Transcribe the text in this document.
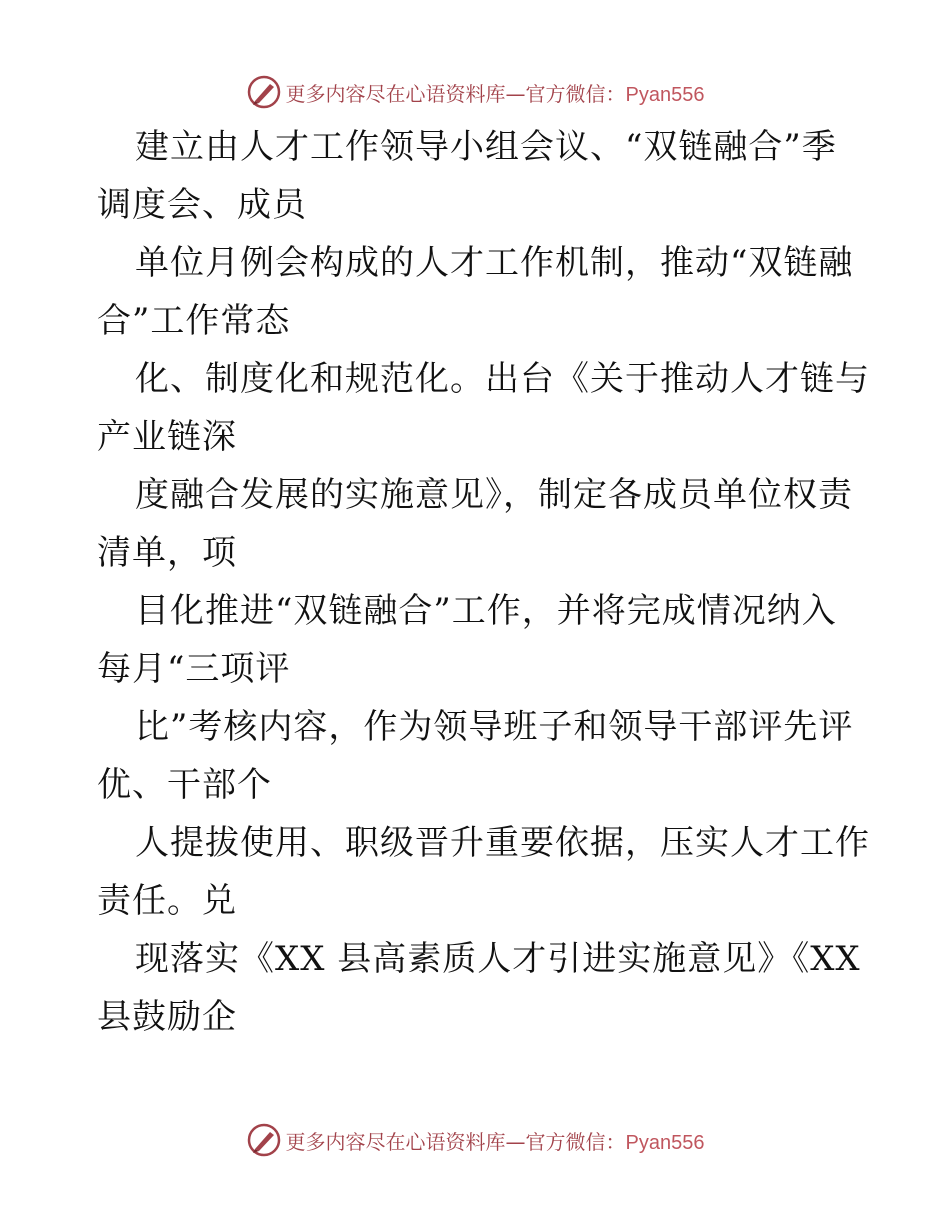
更多内容尽在心语资料库—官方微信：Pyan556
建立由人才工作领导小组会议、“双链融合”季
调度会、成员
单位月例会构成的人才工作机制，推动“双链融
合”工作常态
化、制度化和规范化。出台《关于推动人才链与
产业链深
度融合发展的实施意见》，制定各成员单位权责
清单，项
目化推进“双链融合”工作，并将完成情况纳入
每月“三项评
比”考核内容，作为领导班子和领导干部评先评
优、干部个
人提拔使用、职级晋升重要依据，压实人才工作
责任。兑
现落实《XX 县高素质人才引进实施意见》《XX
县鼓励企
更多内容尽在心语资料库—官方微信：Pyan556
